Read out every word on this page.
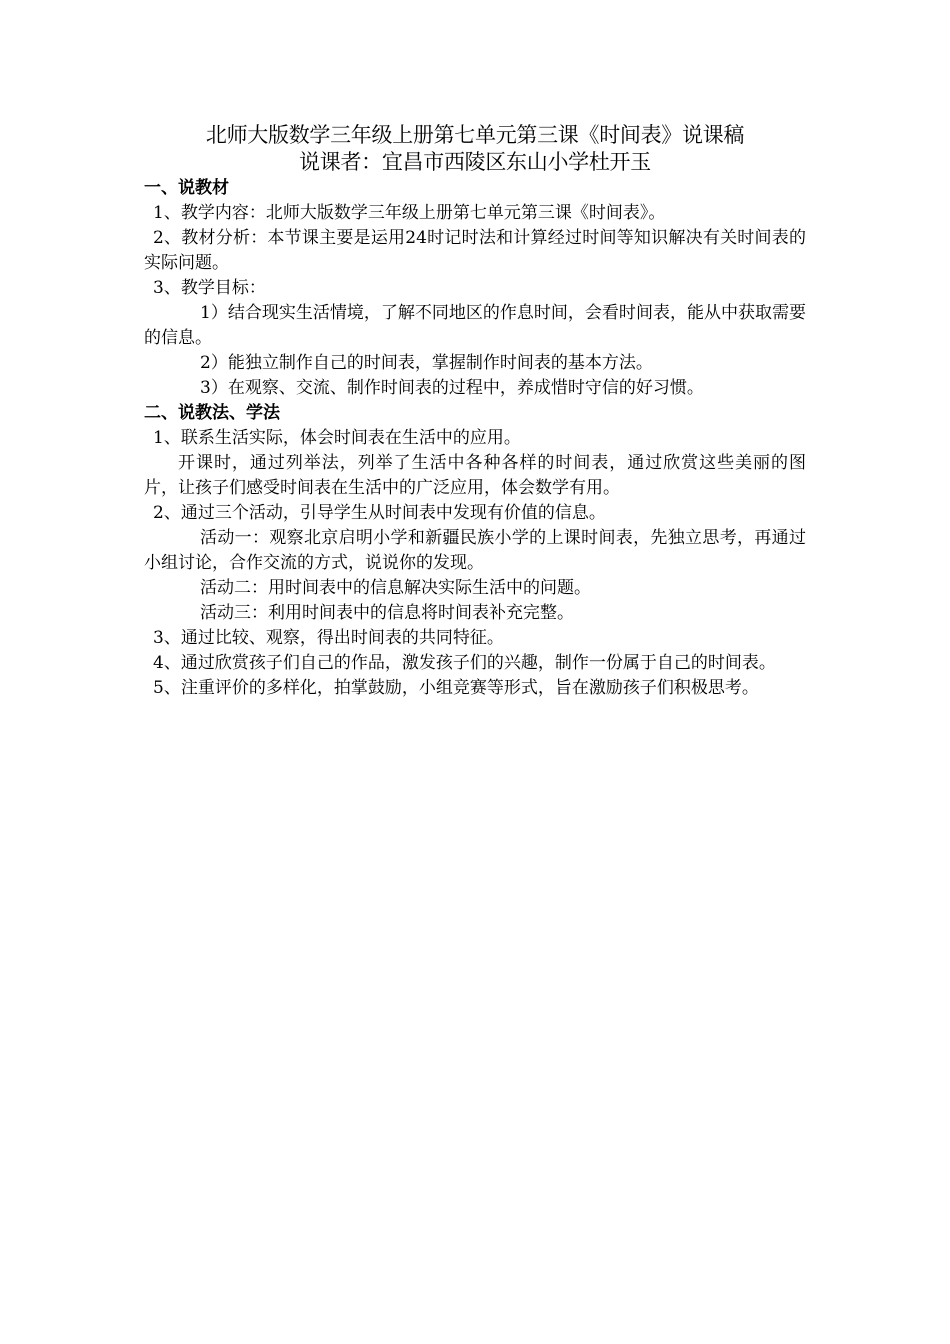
北师大版数学三年级上册第七单元第三课《时间表》说课稿
说课者：宜昌市西陵区东山小学杜开玉

一、说教材

1、教学内容：北师大版数学三年级上册第七单元第三课《时间表》。

2、教材分析：本节课主要是运用24时记时法和计算经过时间等知识解决有关时间表的实际问题。

3、教学目标：

1）结合现实生活情境，了解不同地区的作息时间，会看时间表，能从中获取需要的信息。

2）能独立制作自己的时间表，掌握制作时间表的基本方法。

3）在观察、交流、制作时间表的过程中，养成惜时守信的好习惯。

二、说教法、学法

1、联系生活实际，体会时间表在生活中的应用。

开课时，通过列举法，列举了生活中各种各样的时间表，通过欣赏这些美丽的图片，让孩子们感受时间表在生活中的广泛应用，体会数学有用。

2、通过三个活动，引导学生从时间表中发现有价值的信息。

活动一：观察北京启明小学和新疆民族小学的上课时间表，先独立思考，再通过小组讨论，合作交流的方式，说说你的发现。

活动二：用时间表中的信息解决实际生活中的问题。

活动三：利用时间表中的信息将时间表补充完整。

3、通过比较、观察，得出时间表的共同特征。

4、通过欣赏孩子们自己的作品，激发孩子们的兴趣，制作一份属于自己的时间表。

5、注重评价的多样化，拍掌鼓励，小组竞赛等形式，旨在激励孩子们积极思考。
